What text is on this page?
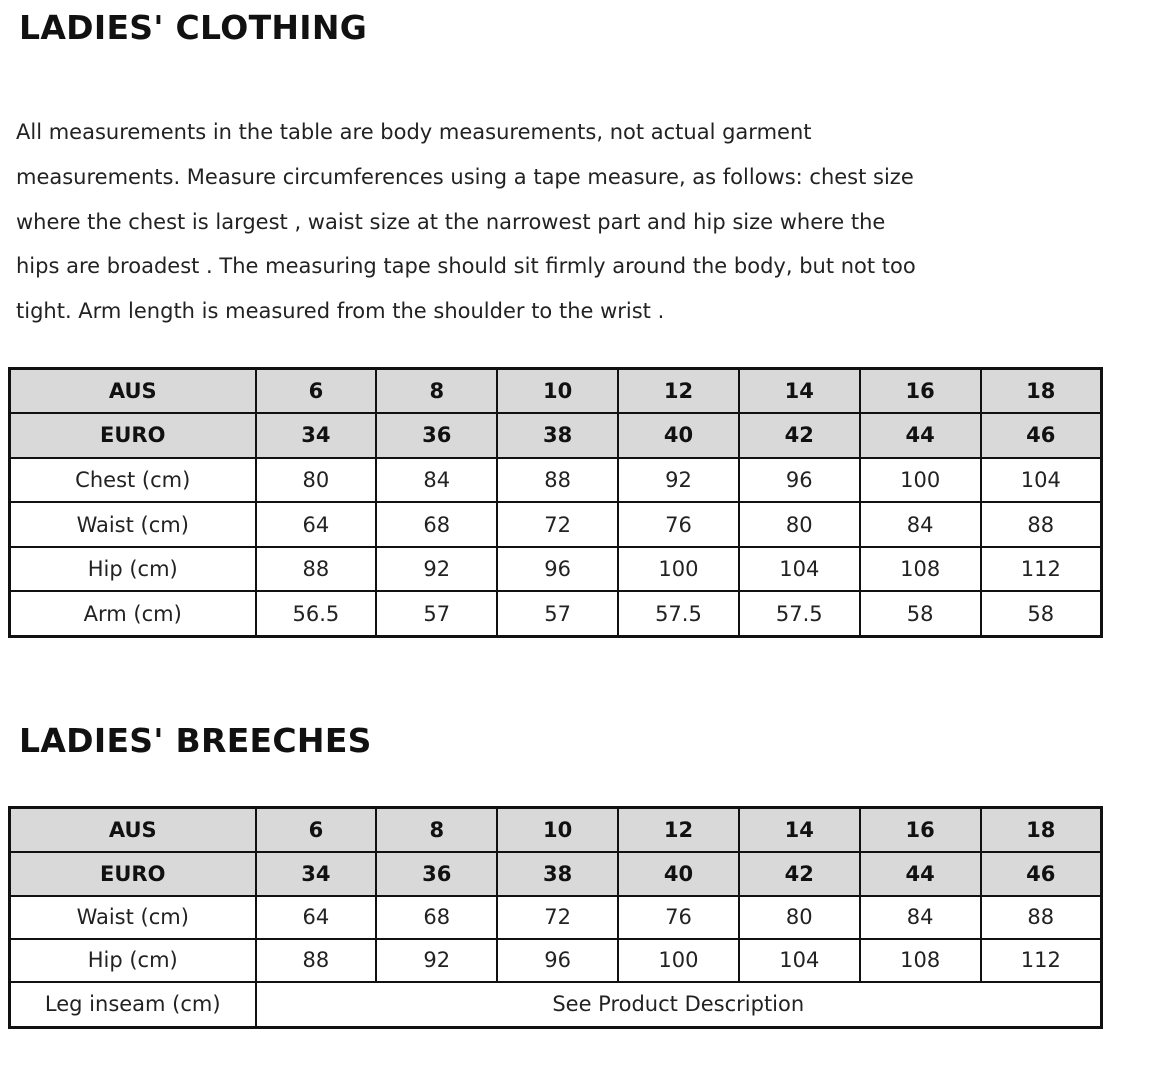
LADIES' CLOTHING

All measurements in the table are body measurements, not actual garment
measurements. Measure circumferences using a tape measure, as follows: chest size
where the chest is largest , waist size at the narrowest part and hip size where the
hips are broadest . The measuring tape should sit firmly around the body, but not too
tight. Arm length is measured from the shoulder to the wrist .

AUS	6	8	10	12	14	16	18
EURO	34	36	38	40	42	44	46
Chest (cm)	80	84	88	92	96	100	104
Waist (cm)	64	68	72	76	80	84	88
Hip (cm)	88	92	96	100	104	108	112
Arm (cm)	56.5	57	57	57.5	57.5	58	58
LADIES' BREECHES
AUS	6	8	10	12	14	16	18
EURO	34	36	38	40	42	44	46
Waist (cm)	64	68	72	76	80	84	88
Hip (cm)	88	92	96	100	104	108	112
Leg inseam (cm)	See Product Description						
